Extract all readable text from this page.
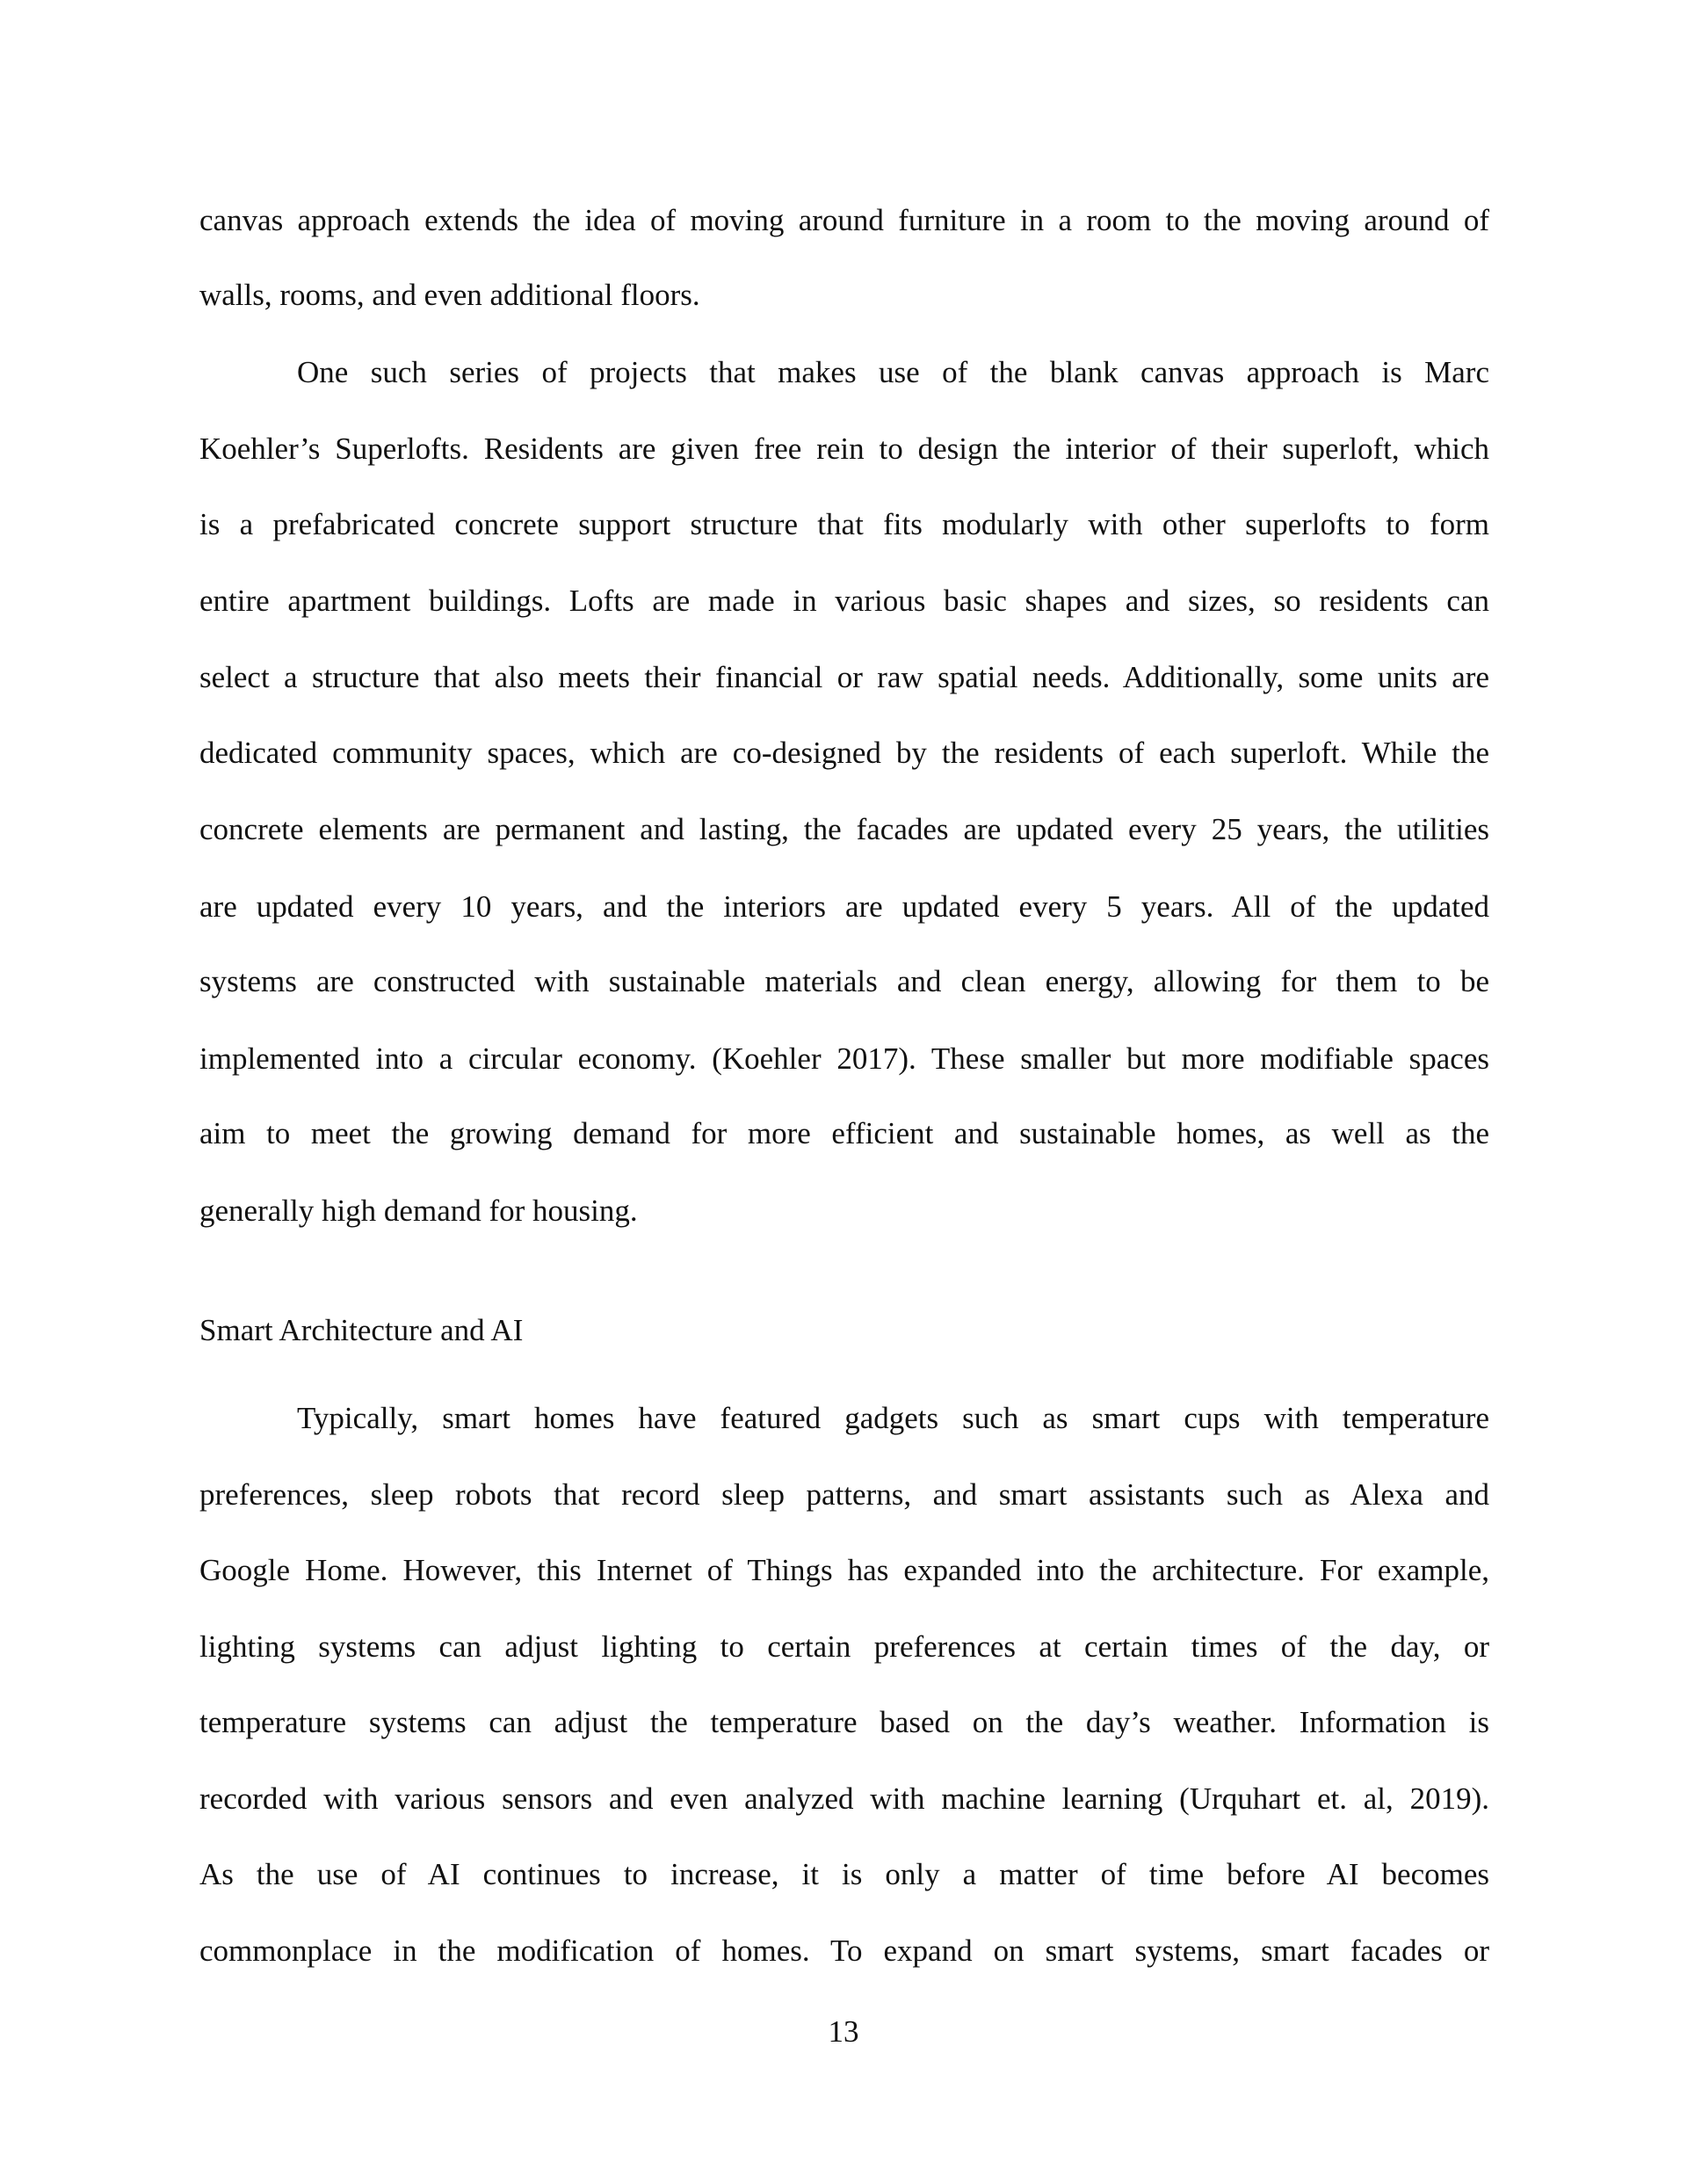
canvas approach extends the idea of moving around furniture in a room to the moving around of
walls, rooms, and even additional floors.
One such series of projects that makes use of the blank canvas approach is Marc
Koehler’s Superlofts. Residents are given free rein to design the interior of their superloft, which
is a prefabricated concrete support structure that fits modularly with other superlofts to form
entire apartment buildings. Lofts are made in various basic shapes and sizes, so residents can
select a structure that also meets their financial or raw spatial needs. Additionally, some units are
dedicated community spaces, which are co-designed by the residents of each superloft. While the
concrete elements are permanent and lasting, the facades are updated every 25 years, the utilities
are updated every 10 years, and the interiors are updated every 5 years. All of the updated
systems are constructed with sustainable materials and clean energy, allowing for them to be
implemented into a circular economy. (Koehler 2017). These smaller but more modifiable spaces
aim to meet the growing demand for more efficient and sustainable homes, as well as the
generally high demand for housing.
Smart Architecture and AI
Typically, smart homes have featured gadgets such as smart cups with temperature
preferences, sleep robots that record sleep patterns, and smart assistants such as Alexa and
Google Home. However, this Internet of Things has expanded into the architecture. For example,
lighting systems can adjust lighting to certain preferences at certain times of the day, or
temperature systems can adjust the temperature based on the day’s weather. Information is
recorded with various sensors and even analyzed with machine learning (Urquhart et. al, 2019).
As the use of AI continues to increase, it is only a matter of time before AI becomes
commonplace in the modification of homes. To expand on smart systems, smart facades or
13
